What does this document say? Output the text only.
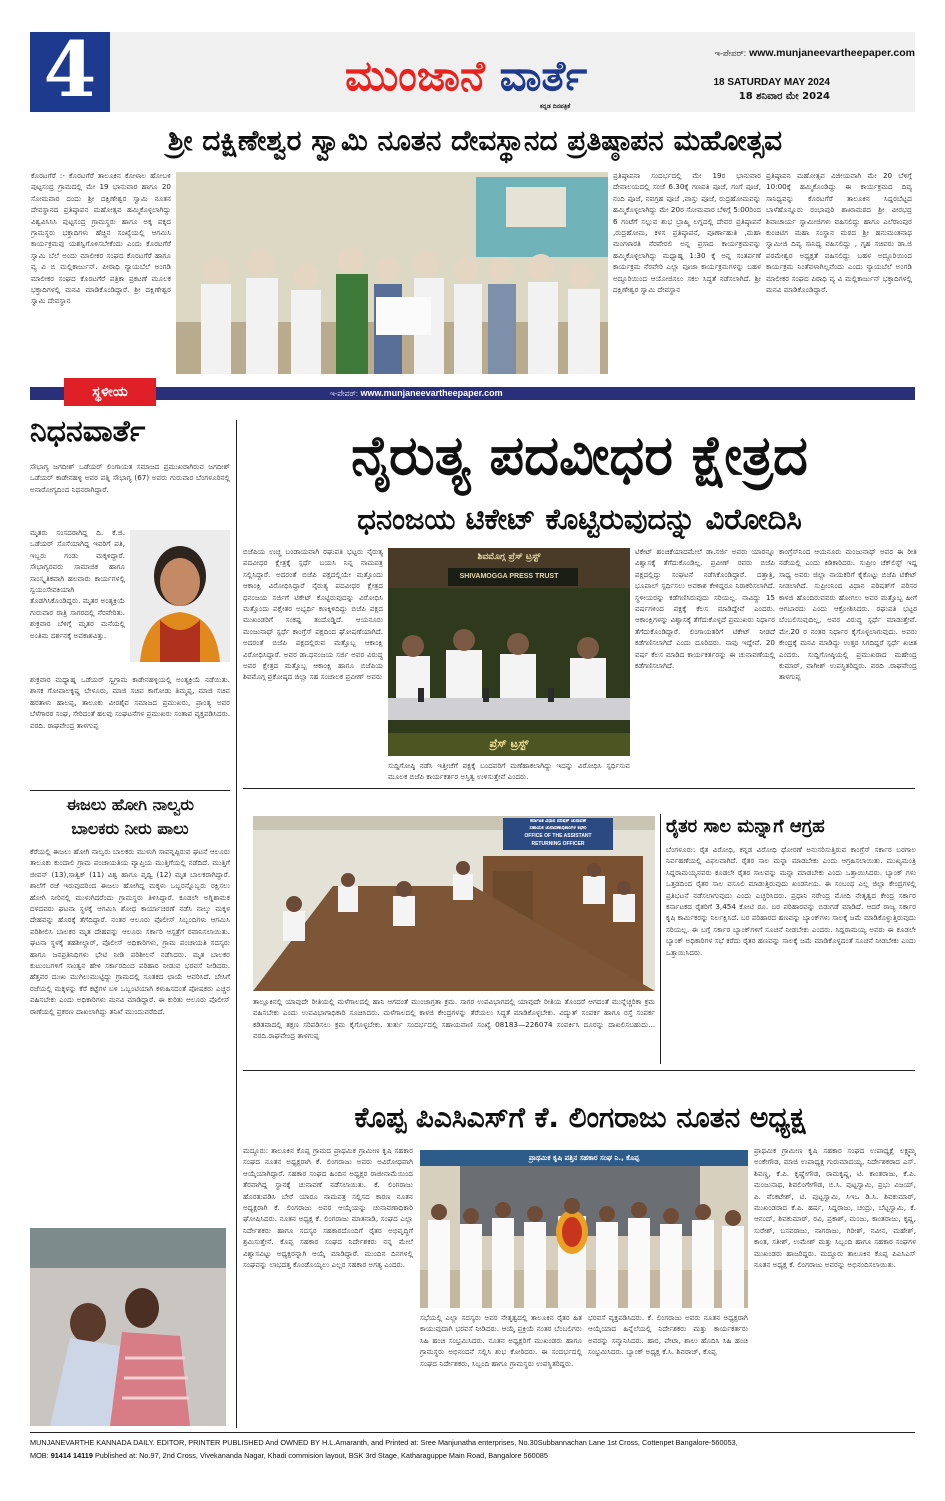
4	ಮುಂಜಾನೆ ವಾರ್ತೆ
ಕನ್ನಡ ದಿನಪತ್ರಿಕೆ
ಇ-ಪೇಪರ್: www.munjaneevartheepaper.com
18 SATURDAY MAY 2024
18 ಶನಿವಾರ ಮೇ 2024
ಶ್ರೀ ದಕ್ಷಿಣೇಶ್ವರ ಸ್ವಾಮಿ ನೂತನ ದೇವಸ್ಥಾನದ ಪ್ರತಿಷ್ಠಾಪನ ಮಹೋತ್ಸವ
ಕೊರಟಗೆರೆ :- ಕೊರಟಗೆರೆ ತಾಲೂಕಿನ ಕೋಳಾಲ ಹೋಬಳಿ ಪುಟ್ಟಸಂದ್ರ ಗ್ರಾಮದಲ್ಲಿ ಮೇ 19 ಭಾನುವಾರ ಹಾಗೂ 20 ಸೋಮವಾರ ದಂದು ಶ್ರೀ ದಕ್ಷಿಣೇಶ್ವರ ಸ್ವಾಮಿ ನೂತನ ದೇವಸ್ಥಾನದ ಪ್ರತಿಷ್ಠಾಪನ ಮಹೋತ್ಸವ ಹಮ್ಮಿಕೊಳ್ಳಲಾಗಿದ್ದು ವಿಶ್ವವಿಸಿಸಿಸಿ ಪುಟ್ಟಸಂದ್ರ ಗ್ರಾಮಸ್ಥರು ಹಾಗೂ ಅಕ್ಕ ಪಕ್ಕದ ಗ್ರಾಮಸ್ಥರು ಭಕ್ತಾದಿಗಳು ಹೆಚ್ಚಿನ ಸಂಖ್ಯೆಯಲ್ಲಿ ಆಗಮಿಸಿ ಕಾರ್ಯಕ್ರಮವು ಯಶಸ್ವಿಗೊಳಿಸಬೇಕೆಂದು ಎಂದು ಕೊರಟಗೆರೆ ಸ್ವಾಮಿ ಬೆಲೆ ಅಂದು ಮಾಲೀಕರ ಸಂಘದ ಕೊರಟಗೆರೆ ಹಾಗೂ ವ್ಯ ವಿ ಬಿ ಮಲ್ಲಿಕಾರ್ಜುನ್. ಪೀಠಾಧಿ ನ್ಯಾಯಬೆಲೆ ಅಂಗಡಿ ಮಾಲೀಕರ ಸಂಘದ ಕೊರಟಗೆರೆ ಪತ್ರಿಕಾ ಪ್ರಕಟಣೆ ಮೂಲಕ ಭಕ್ತಾದಿಗಳಲ್ಲಿ ಮನವಿ ಮಾಡಿಕೊಂಡಿದ್ದಾರೆ. ಶ್ರೀ ದಕ್ಷಿಣೇಶ್ವರ ಸ್ವಾಮಿ ದೇವಸ್ಥಾನ
ಪ್ರತಿಷ್ಠಾಪನಾ ಸಂದರ್ಭದಲ್ಲಿ ಮೇ 19ರ ಭಾನುವಾರ ದೇವಾಲಯದಲ್ಲಿ ಸಂಜೆ 6.30ಕ್ಕೆ ಗಣಪತಿ ಪೂಜೆ, ಗಂಗೆ ಪೂಜೆ, ನಂದಿ ಪೂಜೆ, ನವಗ್ರಹ ಪೂಜೆ ,ವಾಸ್ತು ಪೂಜೆ, ರುದ್ರಹೋಮವನ್ನು ಹಮ್ಮಿಕೊಳ್ಳಲಾಗಿದ್ದು ಮೇ 20ರ ಸೋಮವಾರ ಬೆಳಿಗ್ಗೆ 5:00ರಿಂದ 6 ಗಂಟೆಗೆ ಸಲ್ಲುವ ಶುಭ ಬ್ರಾಹ್ಮಿ ಲಗ್ನದಲ್ಲಿ ದೇವರ ಪ್ರತಿಷ್ಠಾಪನೆ ,ರುದ್ರಹೋಮ, ಕಳಸ ಪ್ರತಿಷ್ಠಾಪನೆ, ಪೂರ್ಣಾಹುತಿ ,ಮಹಾ ಮಂಗಳಾರತಿ ನೆರವೇರಲಿ ಅನ್ನ ಪ್ರಸಾದ ಕಾರ್ಯಕ್ರಮವನ್ನು ಹಮ್ಮಿಕೊಳ್ಳಲಾಗಿದ್ದು ಮಧ್ಯಾಹ್ನ 1:30 ಕ್ಕೆ ಅನ್ನ ಸಂತರ್ಪಣೆ ಕಾರ್ಯಕ್ರಮ ನೆರವೇರಿ ಎಲ್ಲಾ ಪೂಜಾ ಕಾರ್ಯಕ್ರಮಗಳನ್ನು ಬಹಳ ಅದ್ದೂರಿಯಿಂದ ಆಯೋಜಿಸಲು ಸಕಲ ಸಿದ್ಧತೆ ನಡೆಸಲಾಗಿದೆ. ಶ್ರೀ ದಕ್ಷಿಣೇಶ್ವರ ಸ್ವಾಮಿ ದೇವಸ್ಥಾನ
ಪ್ರತಿಷ್ಠಾಪನ ಮಹೋತ್ಸವ ವಿಜೀಯವಾಗಿ ಮೇ 20 ಬೆಳಿಗ್ಗೆ 10:00ಕ್ಕೆ ಹಮ್ಮಿಕೊಂಡಿದ್ದು ಈ ಕಾರ್ಯಕ್ರಮದ ದಿವ್ಯ ಸಾನಿಧ್ಯವನ್ನು ಕೊರಟಗೆರೆ ತಾಲೂಕಿನ ಸಿದ್ದರಬೆಟ್ಟದ ಬಾಳೆಹೊನ್ನೂರು ರಂಭಾಪುರಿ ಶಾಖಾಮಠದ ಶ್ರೀ ವೀರಭದ್ರ ಶಿವಾಚಾರ್ಯ ಸ್ವಾಮೀಜಿಗಳು ವಹಿಸಲಿದ್ದು ಹಾಗೂ ಎಲೆರಾಂಪುರ ಕುಂಚಿಟಿಗ ಮಹಾ ಸಂಸ್ಥಾನ ಮಠದ ಶ್ರೀ ಹನುಮಂತನಾಥ ಸ್ವಾಮೀಜಿ ದಿವ್ಯ ಸಾನಿಧ್ಯ ವಹಿಸಲಿದ್ದು , ಗೃಹ ಸಚಿವರು ಡಾ.ಜಿ ಪರಮೇಶ್ವರ ಅಧ್ಯಕ್ಷತೆ ವಹಿಸಲಿದ್ದು ಬಹಳ ಅದ್ದೂರಿಯಿಂದ ಕಾರ್ಯಕ್ರಮ ನಿಂತೆವಳಾಗಿಲ್ಲವೆಂದು ಎಂದು ನ್ಯಾಯಬೆಲೆ ಅಂಗಡಿ ಮಾಲೀಕರ ಸಂಘದ ಪಿಠಾಧಿ ವ್ಯ ವಿ ಮಲ್ಲಿಕಾರ್ಜುನ್ ಭಕ್ತಾದಿಗಳಲ್ಲಿ ಮನವಿ ಮಾಡಿಕೊಂಡಿದ್ದಾರೆ.
ಇ-ಪೇಪರ್: www.munjaneevartheepaper.com
ಸ್ಥಳೀಯ
ನಿಧನವಾರ್ತೆ
ಸೌಭಾಗ್ಯ ಜಗದೀಶ್ ಒಡೆಯರ್ ಲಿಂಗಾಯತ ಸಮಾಜದ ಪ್ರಮುಖರಾಗಿರುವ ಜಗದೀಶ್ ಒಡೆಯರ್ ಕಾಡೇನಹಳ್ಳಿ ಅವರ ಪತ್ನಿ ಸೌಭಾಗ್ಯ (67) ಅವರು ಗುರುವಾರ ಬೆಂಗಳೂರಿನಲ್ಲಿ ಅನಾರೋಗ್ಯದಿಂದ ನಿಧನರಾಗಿದ್ದಾರೆ.
ಮೃತರು ಸಂಸದರಾಗಿದ್ದ ದಿ. ಕೆ.ಜಿ. ಒಡೆಯರ್ ಸೊಸೆಯಾಗಿದ್ದ ಇವರಿಗೆ ಪತಿ, ಇಬ್ಬರು ಗಂಡು ಮಕ್ಕಳಿದ್ದಾರೆ. ಸೌಭಾಗ್ಯರವರು ಸಾಮಾಜಿಕ ಹಾಗೂ ಸಾಂಸ್ಕೃತಿಕವಾಗಿ ಹಲವಾರು ಕಾರ್ಯಗಳಲ್ಲಿ ಸ್ವಯಂಸೇವಕಿಯಾಗಿ ತೊಡಗಿಸಿಕೊಂಡಿದ್ದರು. ಮೃತರ ಅಂತ್ಯಕ್ರಿಯೆ ಗುರುವಾರ ರಾತ್ರಿ ಸಾಗರದಲ್ಲಿ ನೆರವೇರಿತು. ಶುಕ್ರವಾರ ಬೆಳಿಗ್ಗೆ ಮೃತರ ಮನೆಯಲ್ಲಿ ಅಂತಿಮ ದರ್ಶನಕ್ಕೆ ಅವಕಾಶವಿತ್ತು.
ಶುಕ್ರವಾರ ಮಧ್ಯಾಹ್ನ ಒಡೆಯರ್ ಸ್ವಗ್ರಾಮ ಕಾಡೇನಹಳ್ಳಿಯಲ್ಲಿ ಅಂತ್ಯಕ್ರಿಯೆ ನಡೆಯಿತು. ಶಾಸಕ ಗೋಪಾಲಕೃಷ್ಣ ಬೇಳೂರು, ಮಾಜಿ ಸಚಿವ ಕಾಗೋಡು ತಿಮ್ಮಪ್ಪ, ಮಾಜಿ ಸಚಿವ ಹರತಾಳು ಹಾಲಪ್ಪ, ತಾಲೂಕು ವೀರಶೈವ ಸಮಾಜದ ಪ್ರಮುಖರು, ಪ್ರಾಂತ್ಯ ಅವರ ಬೆಳೆಗಾರರ ಸಂಘ, ಸೇರಿದಂತೆ ಹಲವು ಸಂಘಟನೆಗಳ ಪ್ರಮುಖರು ಸಂತಾಪ ವ್ಯಕ್ತಪಡಿಸಿದರು. ವರದಿ. ರಾಘವೇಂದ್ರ ತಾಳಗುಪ್ಪ
ಈಜಲು ಹೋಗಿ ನಾಲ್ವರು ಬಾಲಕರು ನೀರು ಪಾಲು
ಕೆರೆಯಲ್ಲಿ ಈಜಲು ಹೋಗಿ ನಾಲ್ವರು ಬಾಲಕರು ಮುಳುಗಿ ಸಾವನ್ನಪ್ಪಿರುವ ಘಟನೆ ಆಲೂರು ತಾಲೂಕು ಕುಂದಾಲಿ ಗ್ರಾಮ ಪಂಚಾಯತಿಯ ವ್ಯಾಪ್ತಿಯ ಮುತ್ತಿಗೆಯಲ್ಲಿ ನಡೆದಿದೆ. ಮುತ್ತಿಗೆ ಜೀವನ್ (13),ಸಾತ್ವಿಕ್ (11) ವಿಶ್ವ ಹಾಗೂ ಪೃಥ್ವಿ (12) ಮೃತ ಬಾಲಕರಾಗಿದ್ದಾರೆ. ಶಾಲೆಗೆ ರಜೆ ಇರುವುದರಿಂದ ಈಜಲು ಹೋಗಿದ್ದ ಮಕ್ಕಳು ಒಬ್ಬರನ್ನೊಬ್ಬರು ರಕ್ಷಿಸಲು ಹೋಗಿ ನೀರಿನಲ್ಲಿ ಮುಳುಗಿದರೆಂದು ಗ್ರಾಮಸ್ಥರು ತಿಳಿಸಿದ್ದಾರೆ. ಕೂಡಲೇ ಅಗ್ನಿಶಾಮಕ ದಳದವರು ಘಟನಾ ಸ್ಥಳಕ್ಕೆ ಆಗಮಿಸಿ ಶೋಧ ಕಾರ್ಯಾಚರಣೆ ನಡೆಸಿ ನಾಲ್ಕು ಮಕ್ಕಳ ದೇಹವನ್ನು ಹೊರಕ್ಕೆ ತೆಗೆದಿದ್ದಾರೆ. ನಂತರ ಆಲೂರು ಪೊಲೀಸ್ ಸಿಬ್ಬಂದಿಗಳು ಆಗಮಿಸಿ ಪರಿಶೀಲಿಸಿ ಬಾಲಕರ ಮೃತ ದೇಹವನ್ನು ಆಲೂರು ಸರ್ಕಾರಿ ಆಸ್ಪತ್ರೆಗೆ ರವಾನಿಸಲಾಯಿತು. ಘಟನಾ ಸ್ಥಳಕ್ಕೆ ತಹಶೀಲ್ದಾರ್, ಪೊಲೀಸ್ ಅಧಿಕಾರಿಗಳು, ಗ್ರಾಮ ಪಂಚಾಯತಿ ಸದಸ್ಯರು ಹಾಗೂ ಜನಪ್ರತಿನಿಧಿಗಳು ಭೇಟಿ ನೀಡಿ ಪರಿಶೀಲನೆ ನಡೆಸಿದರು. ಮೃತ ಬಾಲಕರ ಕುಟುಂಬಗಳಿಗೆ ಸಾಂತ್ವನ ಹೇಳಿ ಸರ್ಕಾರದಿಂದ ಪರಿಹಾರ ನೀಡುವ ಭರವಸೆ ನೀಡಿದರು. ಹೆತ್ತವರ ದುಃಖ ಮುಗಿಲುಮುಟ್ಟಿದ್ದು ಗ್ರಾಮದಲ್ಲಿ ಸೂತಕದ ಛಾಯೆ ಆವರಿಸಿದೆ. ಬೇಸಿಗೆ ರಜೆಯಲ್ಲಿ ಮಕ್ಕಳನ್ನು ಕೆರೆ ಕಟ್ಟೆಗಳ ಬಳಿ ಒಬ್ಬಂಟಿಯಾಗಿ ಕಳುಹಿಸದಂತೆ ಪೋಷಕರು ಎಚ್ಚರ ವಹಿಸಬೇಕು ಎಂದು ಅಧಿಕಾರಿಗಳು ಮನವಿ ಮಾಡಿದ್ದಾರೆ. ಈ ಕುರಿತು ಆಲೂರು ಪೊಲೀಸ್ ಠಾಣೆಯಲ್ಲಿ ಪ್ರಕರಣ ದಾಖಲಾಗಿದ್ದು ತನಿಖೆ ಮುಂದುವರೆದಿದೆ.
ನೈರುತ್ಯ ಪದವೀಧರ ಕ್ಷೇತ್ರದ
ಧನಂಜಯ ಟಿಕೇಟ್ ಕೊಟ್ಟಿರುವುದನ್ನು ವಿರೋದಿಸಿ
ಬಿಜೆಪಿಯ ಉಚ್ಚ ಬಂಡಾಯವಾಗಿ ರಘುಪತಿ ಭಟ್ಟರು ನೈರುತ್ಯ ಪದವೀಧರ ಕ್ಷೇತ್ರಕ್ಕೆ ಸ್ಪರ್ಧೆ ಬಯಸಿ ನಿನ್ನ ನಾಮಪತ್ರ ಸಲ್ಲಿಸಿದ್ದಾರೆ. ಅದರಂತೆ ಬಿಜೆಪಿ ಪಕ್ಷದಲ್ಲಿಯೇ ಮತ್ತೊಂದು ಆಕಾಂಕ್ಷಿ ವಿರೋಧಿಸಿದ್ದಾರೆ ನೈರುತ್ಯ ಪದವೀಧರ ಕ್ಷೇತ್ರದ ಧನಂಜಯ ಸರ್ಜಿಗೆ ಟಿಕೇಟ್ ಕೊಟ್ಟಿರುವುದನ್ನು ವಿರೋಧಿಸಿ ಮತ್ತೊಂದು ಪಕ್ಷೇತರ ಅಭ್ಯರ್ಥಿ ಕಣಕ್ಕಿಳಿದಿದ್ದು ಬಿಜೆಪಿ ಪಕ್ಷದ ಮುಖಂಡರಿಗೆ ಸಂಕಷ್ಟ ತಂದೊಡ್ಡಿದೆ. ಆಯನೂರು ಮಂಜುನಾಥ್ ಸ್ಪರ್ಧೆ ಕಾಂಗ್ರೆಸ್ ಪಕ್ಷದಿಂದ ಘೋಷಣೆಯಾಗಿದೆ. ಅದರಂತೆ ಬಿಜೆಪಿ ಪಕ್ಷದಲ್ಲಿರುವ ಮತ್ತೊಬ್ಬ ಆಕಾಂಕ್ಷಿ ವಿರೋಧಿಸಿದ್ದಾರೆ. ಅವರ ಡಾ.ಧನಂಜಯ ಸರ್ಜಿ ಅವರ ವಿರುದ್ಧ ಅವರ ಕ್ಷೇತ್ರದ ಮತ್ತೊಬ್ಬ ಆಕಾಂಕ್ಷಿ ಹಾಗೂ ಬಿಜೆಪಿಯ ಶಿವಮೊಗ್ಗ ಪ್ರಕೋಷ್ಠದ ಜಿಲ್ಲಾ ಸಹ ಸಂಚಾಲಕ ಪ್ರವೀಣ್ ಅವರು
ಶಿವಮೊಗ್ಗ ಪ್ರೆಸ್ ಟ್ರಸ್ಟ್
SHIVAMOGGA PRESS TRUST
ಪ್ರೆಸ್ ಟ್ರಸ್ಟ್
ಸುದ್ದಿಗೋಷ್ಠಿ ನಡೆಸಿ ಇತ್ತೀಚೆಗೆ ಪಕ್ಷಕ್ಕೆ ಬಂದವರಿಗೆ ಮಣೆಹಾಕಲಾಗಿದ್ದು ಇದನ್ನು ವಿರೋಧಿಸಿ ಸ್ಪರ್ಧಿಸುವ ಮೂಲಕ ಬಿಜೆಪಿ ಕಾರ್ಯಕರ್ತರ ಅಸ್ತಿತ್ವ ಉಳಿಸುತ್ತೇವೆ ಎಂದರು.
ಟಿಕೇಟ್ ಹಂಚಿಕೆಯಾದಮೇಲೆ ಡಾ.ಸರ್ಜಿ ಅವರು ಯಾರನ್ನೂ ವಿಶ್ವಾಸಕ್ಕೆ ತೆಗೆದುಕೊಂಡಿಲ್ಲ. ಪ್ರವೀಣ್ ರವರು ಬಿಜೆಪಿ ಪಕ್ಷದಲ್ಲಿದ್ದು ಸಂಘಟನೆ ನಡೆಸಿಕೊಂಡಿದ್ದಾರೆ. ದತ್ತಾತ್ರಿ, ಭೂಪಾಲ್ ಸ್ಪರ್ಧಿಸಲು ಅವಕಾಶ ಕೇಳಿದ್ದರೂ ನಿರಾಕರಿಸಲಾಗಿದೆ. ಸ್ಥಳೀಯರನ್ನು ಕಡೆಗಣಿಸಿರುವುದು ಸರಿಯಲ್ಲ. ನಾವಿದ್ದು 15 ವರ್ಷಗಳಿಂದ ಪಕ್ಷಕ್ಕೆ ಕೆಲಸ ಮಾಡಿದ್ದೇವೆ ಎಂದರು. ಆಕಾಂಕ್ಷಿಗಳನ್ನು ವಿಶ್ವಾಸಕ್ಕೆ ತೆಗೆದುಕೊಳ್ಳದೆ ಪ್ರಮುಖರು ನಿರ್ಧಾರ ತೆಗೆದುಕೊಂಡಿದ್ದಾರೆ. ಲಿಂಗಾಯತರಿಗೆ ಟಿಕೇಟ್ ನೀಡದೆ ಕಡೆಗಣಿಸಲಾಗಿದೆ ಎಂದು ದೂರಿದರು. ನಾವು ಇದ್ದೇವೆ. 20 ವರ್ಷ ಕೆಲಸ ಮಾಡಿದ ಕಾರ್ಯಕರ್ತರನ್ನು ಈ ಚುನಾವಣೆಯಲ್ಲಿ ಕಡೆಗಣಿಸಲಾಗಿದೆ.
ಕಾಂಗ್ರೆಸ್‌ನಿಂದ ಆಯನೂರು ಮಂಜುನಾಥ್ ಅವರ ಈ ರೀತಿ ನಡೆಯಲ್ಲಿ ಎಂದು ಕಿಡಿಕಾರಿದರು. ಸುಪ್ರೀಂ ಚೆಕ್‌ಲಿಸ್ಟ್ ಇದ್ದ ಸಾಧ್ಯ ಅವರು ಜಿಲ್ಲಾ ನಾಯಕರಿಗೆ ಕೈಕೊಟ್ಟು ಬಿಜೆಪಿ ಟಿಕೇಟ್ ನೀಡಲಾಗಿದೆ. ಸುಪ್ರೀಂನಿಂದ ವಿಧಾನ ಪರಿಷತ್‌ಗೆ ಪರಿಸರ ಕಾಳಜಿ ಹೊಂದಿರುವವರು ಹೋಗಲು ಅವರ ಮತ್ತೊಬ್ಬ ಹೀಗೆ ಆಗಬಾರದು ಎಂದು ಆಕ್ರೋಶಿಸಿದರು. ರಘುಪತಿ ಭಟ್ಟರ ಬೆಂಬಲಿಸುವುದಿಲ್ಲ, ಅವರ ವಿರುದ್ಧ ಸ್ಪರ್ಧೆ ಮಾಡುತ್ತೇವೆ. ಮೇ.20 ರ ನಂತರ ನಿರ್ಧಾರ ಕೈಗೊಳ್ಳಲಾಗುವುದು. ಅವರು ಕೇಂದ್ರಕ್ಕೆ ಮನವಿ ಮಾಡಿದ್ದು ಉತ್ತರ ಸಿಗದಿದ್ದರೆ ಸ್ಪರ್ಧೆ ಖಚಿತ ಎಂದರು. ಸುದ್ದಿಗೋಷ್ಠಿಯಲ್ಲಿ ಪ್ರಮುಖರಾದ ಮಹೇಂದ್ರ ಕುಮಾರ್, ವಾಗೀಶ್ ಉಪಸ್ಥಿತರಿದ್ದರು. ವರದಿ .ರಾಘವೇಂದ್ರ ತಾಳಗುಪ್ಪ
ಕರ್ನಾಟಕ ವಿಧಾನ ಪರಿಷತ್ ಚುನಾವಣೆ
ಸಹಾಯಕ ಚುನಾವಣಾಧಿಕಾರಿಗಳ ಕಛೇರಿ
OFFICE OF THE ASSISTANT
RETURNING OFFICER
ತಾಲ್ಲೂಕಿನಲ್ಲಿ ಯಾವುದೇ ರೀತಿಯಲ್ಲಿ ಮಳೆಗಾಲದಲ್ಲಿ ಹಾನಿ ಆಗದಂತೆ ಮುಂಜಾಗ್ರತಾ ಕ್ರಮ. ಸಾಗರ ಉಪವಿಭಾಗದಲ್ಲಿ ಯಾವುದೇ ರೀತಿಯ ತೊಂದರೆ ಆಗದಂತೆ ಮುನ್ನೆಚ್ಚರಿಕಾ ಕ್ರಮ ವಹಿಸಬೇಕು ಎಂದು ಉಪವಿಭಾಗಾಧಿಕಾರಿ ಸೂಚಿಸಿದರು. ಮಳೆಗಾಲದಲ್ಲಿ ಕಾಳಜಿ ಕೇಂದ್ರಗಳನ್ನು ತೆರೆಯಲು ಸಿದ್ಧತೆ ಮಾಡಿಕೊಳ್ಳಬೇಕು. ವಿದ್ಯುತ್ ಸಂಪರ್ಕ ಹಾಗೂ ರಸ್ತೆ ಸಂಪರ್ಕ ಕಡಿತವಾದಲ್ಲಿ ತಕ್ಷಣ ಸರಿಪಡಿಸಲು ಕ್ರಮ ಕೈಗೊಳ್ಳಬೇಕು. ತುರ್ತು ಸಂದರ್ಭದಲ್ಲಿ ಸಹಾಯವಾಣಿ ಸಂಖ್ಯೆ 08183—226074 ಸಂಪರ್ಕಿಸಿ ದೂರನ್ನು ದಾಖಲಿಸಬಹುದು... ವರದಿ.ರಾಘವೇಂದ್ರ ತಾಳಗುಪ್ಪ
ರೈತರ ಸಾಲ ಮನ್ನಾಗೆ ಆಗ್ರಹ
ಬೆಂಗಳೂರು: ರೈತ ವಿರೋಧಿ, ಕನ್ನಡ ವಿರೋಧಿ ಧೋರಣೆ ಅನುಸರಿಸುತ್ತಿರುವ ಕಾಂಗ್ರೆಸ್ ಸರ್ಕಾರ ಬರಗಾಲ ನಿರ್ವಹಣೆಯಲ್ಲಿ ವಿಫಲವಾಗಿದೆ. ರೈತರ ಸಾಲ ಮನ್ನಾ ಮಾಡಬೇಕು ಎಂದು ಆಗ್ರಹಿಸಲಾಯಿತು. ಮುಖ್ಯಮಂತ್ರಿ ಸಿದ್ದರಾಮಯ್ಯನವರು ಕೂಡಲೇ ರೈತರ ಸಾಲವನ್ನು ಮನ್ನಾ ಮಾಡಬೇಕು ಎಂದು ಒತ್ತಾಯಿಸಿದರು. ಬ್ಯಾಂಕ್ ಗಳು ಒತ್ತಡದಿಂದ ರೈತರ ಸಾಲ ವಸೂಲಿ ಮಾಡುತ್ತಿರುವುದು ಖಂಡನೀಯ. ಈ ಸಂಬಂಧ ಎಲ್ಲ ಜಿಲ್ಲಾ ಕೇಂದ್ರಗಳಲ್ಲಿ ಪ್ರತಿಭಟನೆ ನಡೆಸಲಾಗುವುದು ಎಂದು ಎಚ್ಚರಿಸಿದರು. ಪ್ರಧಾನಿ ನರೇಂದ್ರ ಮೋದಿ ನೇತೃತ್ವದ ಕೇಂದ್ರ ಸರ್ಕಾರ ಕರ್ನಾಟಕದ ರೈತರಿಗೆ 3,454 ಕೋಟಿ ರೂ. ಬರ ಪರಿಹಾರವನ್ನು ಬಿಡುಗಡೆ ಮಾಡಿದೆ. ಆದರೆ ರಾಜ್ಯ ಸರ್ಕಾರ ಕೃಷಿ ಕಾರ್ಮಿಕರನ್ನು ನಿರ್ಲಕ್ಷಿಸಿದೆ. ಬರ ಪರಿಹಾರದ ಹಣವನ್ನು ಬ್ಯಾಂಕ್‌ಗಳು ಸಾಲಕ್ಕೆ ಜಮೆ ಮಾಡಿಕೊಳ್ಳುತ್ತಿರುವುದು ಸರಿಯಲ್ಲ. ಈ ಬಗ್ಗೆ ಸರ್ಕಾರ ಬ್ಯಾಂಕ್‌ಗಳಿಗೆ ಸೂಚನೆ ನೀಡಬೇಕು ಎಂದರು. ಸಿದ್ದರಾಮಯ್ಯ ಅವರು ಈ ಕೂಡಲೇ ಬ್ಯಾಂಕ್ ಅಧಿಕಾರಿಗಳ ಸಭೆ ಕರೆದು ರೈತರ ಹಣವನ್ನು ಸಾಲಕ್ಕೆ ಜಮೆ ಮಾಡಿಕೊಳ್ಳದಂತೆ ಸೂಚನೆ ನೀಡಬೇಕು ಎಂದು ಒತ್ತಾಯಿಸಿದರು.
ಕೊಪ್ಪ ಪಿಎಸಿಎಸ್‌ಗೆ ಕೆ. ಲಿಂಗರಾಜು ನೂತನ ಅಧ್ಯಕ್ಷ
ಮದ್ದೂರು: ತಾಲೂಕಿನ ಕೊಪ್ಪ ಗ್ರಾಮದ ಪ್ರಾಥಮಿಕ ಗ್ರಾಮೀಣ ಕೃಷಿ ಸಹಕಾರ ಸಂಘದ ನೂತನ ಅಧ್ಯಕ್ಷರಾಗಿ ಕೆ. ಲಿಂಗರಾಜು ಅವರು ಅವಿರೋಧವಾಗಿ ಆಯ್ಕೆಯಾಗಿದ್ದಾರೆ. ಸಹಕಾರ ಸಂಘದ ಹಿಂದಿನ ಅಧ್ಯಕ್ಷರ ರಾಜೀನಾಮೆಯಿಂದ ತೆರವಾಗಿದ್ದ ಸ್ಥಾನಕ್ಕೆ ಚುನಾವಣೆ ನಡೆಸಲಾಯಿತು. ಕೆ. ಲಿಂಗರಾಜು ಹೊರತುಪಡಿಸಿ ಬೇರೆ ಯಾರೂ ನಾಮಪತ್ರ ಸಲ್ಲಿಸದ ಕಾರಣ ನೂತನ ಅಧ್ಯಕ್ಷರಾಗಿ ಕೆ. ಲಿಂಗರಾಜು ಅವರ ಆಯ್ಕೆಯನ್ನು ಚುನಾವಣಾಧಿಕಾರಿ ಘೋಷಿಸಿದರು. ನೂತನ ಅಧ್ಯಕ್ಷ ಕೆ. ಲಿಂಗರಾಜು ಮಾತನಾಡಿ, ಸಂಘದ ಎಲ್ಲಾ ನಿರ್ದೇಶಕರು ಹಾಗೂ ಸದಸ್ಯರ ಸಹಕಾರದೊಂದಿಗೆ ರೈತರ ಅಭಿವೃದ್ಧಿಗೆ ಶ್ರಮಿಸುತ್ತೇನೆ. ಕೊಪ್ಪ ಸಹಕಾರ ಸಂಘದ ನಿರ್ದೇಶಕರು ನನ್ನ ಮೇಲೆ ವಿಶ್ವಾಸವಿಟ್ಟು ಅಧ್ಯಕ್ಷರನ್ನಾಗಿ ಆಯ್ಕೆ ಮಾಡಿದ್ದಾರೆ. ಮುಂದಿನ ದಿನಗಳಲ್ಲಿ ಸಂಘವನ್ನು ಲಾಭದತ್ತ ಕೊಂಡೊಯ್ಯಲು ಎಲ್ಲರ ಸಹಕಾರ ಅಗತ್ಯ ಎಂದರು.
ಪ್ರಾಥಮಿಕ ಕೃಷಿ ಪತ್ತಿನ ಸಹಕಾರ ಸಂಘ ನಿ., ಕೊಪ್ಪ
ಸಭೆಯಲ್ಲಿ ಎಲ್ಲಾ ಸದಸ್ಯರು ಅವರ ನೇತೃತ್ವದಲ್ಲಿ ತಾಲೂಕಿನ ರೈತರ ಹಿತ ಕಾಯುವುದಾಗಿ ಭರವಸೆ ನೀಡಿದರು. ಆಯ್ಕೆ ಪ್ರಕ್ರಿಯೆ ನಂತರ ಬೆಂಬಲಿಗರು ಸಿಹಿ ಹಂಚಿ ಸಂಭ್ರಮಿಸಿದರು. ನೂತನ ಅಧ್ಯಕ್ಷರಿಗೆ ಮುಖಂಡರು ಹಾಗೂ ಗ್ರಾಮಸ್ಥರು ಅಭಿನಂದನೆ ಸಲ್ಲಿಸಿ ಶುಭ ಕೋರಿದರು. ಈ ಸಂದರ್ಭದಲ್ಲಿ ಸಂಘದ ನಿರ್ದೇಶಕರು, ಸಿಬ್ಬಂದಿ ಹಾಗೂ ಗ್ರಾಮಸ್ಥರು ಉಪಸ್ಥಿತರಿದ್ದರು.
ಭರವಸೆ ವ್ಯಕ್ತಪಡಿಸಿದರು. ಕೆ. ಲಿಂಗರಾಜು ಅವರು ನೂತನ ಅಧ್ಯಕ್ಷರಾಗಿ ಆಯ್ಕೆಯಾದ ಹಿನ್ನೆಲೆಯಲ್ಲಿ ನಿರ್ದೇಶಕರು ಮತ್ತು ಕಾರ್ಯಕರ್ತರು ಅವರನ್ನು ಸನ್ಮಾನಿಸಿದರು. ಹಾರ, ಪೇಟಾ, ಶಾಲು ಹೊದಿಸಿ ಸಿಹಿ ಹಂಚಿ ಸಂಭ್ರಮಿಸಿದರು. ಬ್ಯಾಂಕ್ ಅಧ್ಯಕ್ಷ ಕೆ.ಸಿ. ಶಿವರಾಜ್, ಕೊಪ್ಪ
ಪ್ರಾಥಮಿಕ ಗ್ರಾಮೀಣ ಕೃಷಿ ಸಹಕಾರ ಸಂಘದ ಉಪಾಧ್ಯಕ್ಷೆ ಲಕ್ಷ್ಮಮ್ಮ ಅಂಕೇಗೌಡ, ಮಾಜಿ ಉಪಾಧ್ಯಕ್ಷ ಗುರುಮಾದಯ್ಯ, ನಿರ್ದೇಶಕರಾದ ಎಸ್. ಶಿವಣ್ಣ, ಕೆ.ಪಿ. ಕೃಷ್ಣೇಗೌಡ, ರಾಮಕೃಷ್ಣ, ಟಿ. ಕಾಂತರಾಜು, ಕೆ.ಪಿ. ಮಂಜುನಾಥ, ಶಿವಲಿಂಗೇಗೌಡ, ಬಿ.ಸಿ. ಪುಟ್ಟಸ್ವಾಮಿ, ಪ್ರಭು ವಿಜಯ್, ಪಿ. ವೆಂಕಟೇಶ್, ಟಿ. ಪುಟ್ಟಸ್ವಾಮಿ, ಸಿಇಒ ಡಿ.ಸಿ. ಶಿವಕುಮಾರ್, ಮುಖಂಡರಾದ ಕೆ.ಪಿ. ಹರ್ಷ, ಸಿದ್ದರಾಜು, ಚಂದ್ರು, ಬೆಟ್ಟಸ್ವಾಮಿ, ಕೆ. ಆನಂದ್, ಶಿವಕುಮಾರ್, ರವಿ, ಪ್ರಕಾಶ್, ಮಂಜು, ಕಾಂತರಾಜು, ಕೃಷ್ಣ, ಸುರೇಶ್, ಬಸವರಾಜು, ನಾಗರಾಜು, ಗಿರೀಶ್, ನವೀನ, ಮಹೇಶ್, ಕಾಂತ, ಸತೀಶ್, ಉಮೇಶ್ ಮತ್ತು ಸಿಬ್ಬಂದಿ ಹಾಗೂ ಸಹಕಾರ ಸಂಘಗಳ ಮುಖಂಡರು ಹಾಜರಿದ್ದರು. ಮದ್ದೂರು ತಾಲೂಕಿನ ಕೊಪ್ಪ ಪಿಎಸಿಎಸ್ ನೂತನ ಅಧ್ಯಕ್ಷ ಕೆ. ಲಿಂಗರಾಜು ಅವರನ್ನು ಅಭಿನಂದಿಸಲಾಯಿತು.
MUNJANEVARTHE KANNADA DAILY. EDITOR, PRINTER PUBLISHED And OWNED BY H.L.Amaranth, and Printed at: Sree Manjunatha enterprises, No.30Subbannachan Lane 1st Cross, Cottenpet Bangalore-560053,
MOB: 91414 14119 Published at: No.97, 2nd Cross, Vivekananda Nagar, Khadi commision layout, BSK 3rd Stage, Katharaguppe Main Road, Bangalore 560085
